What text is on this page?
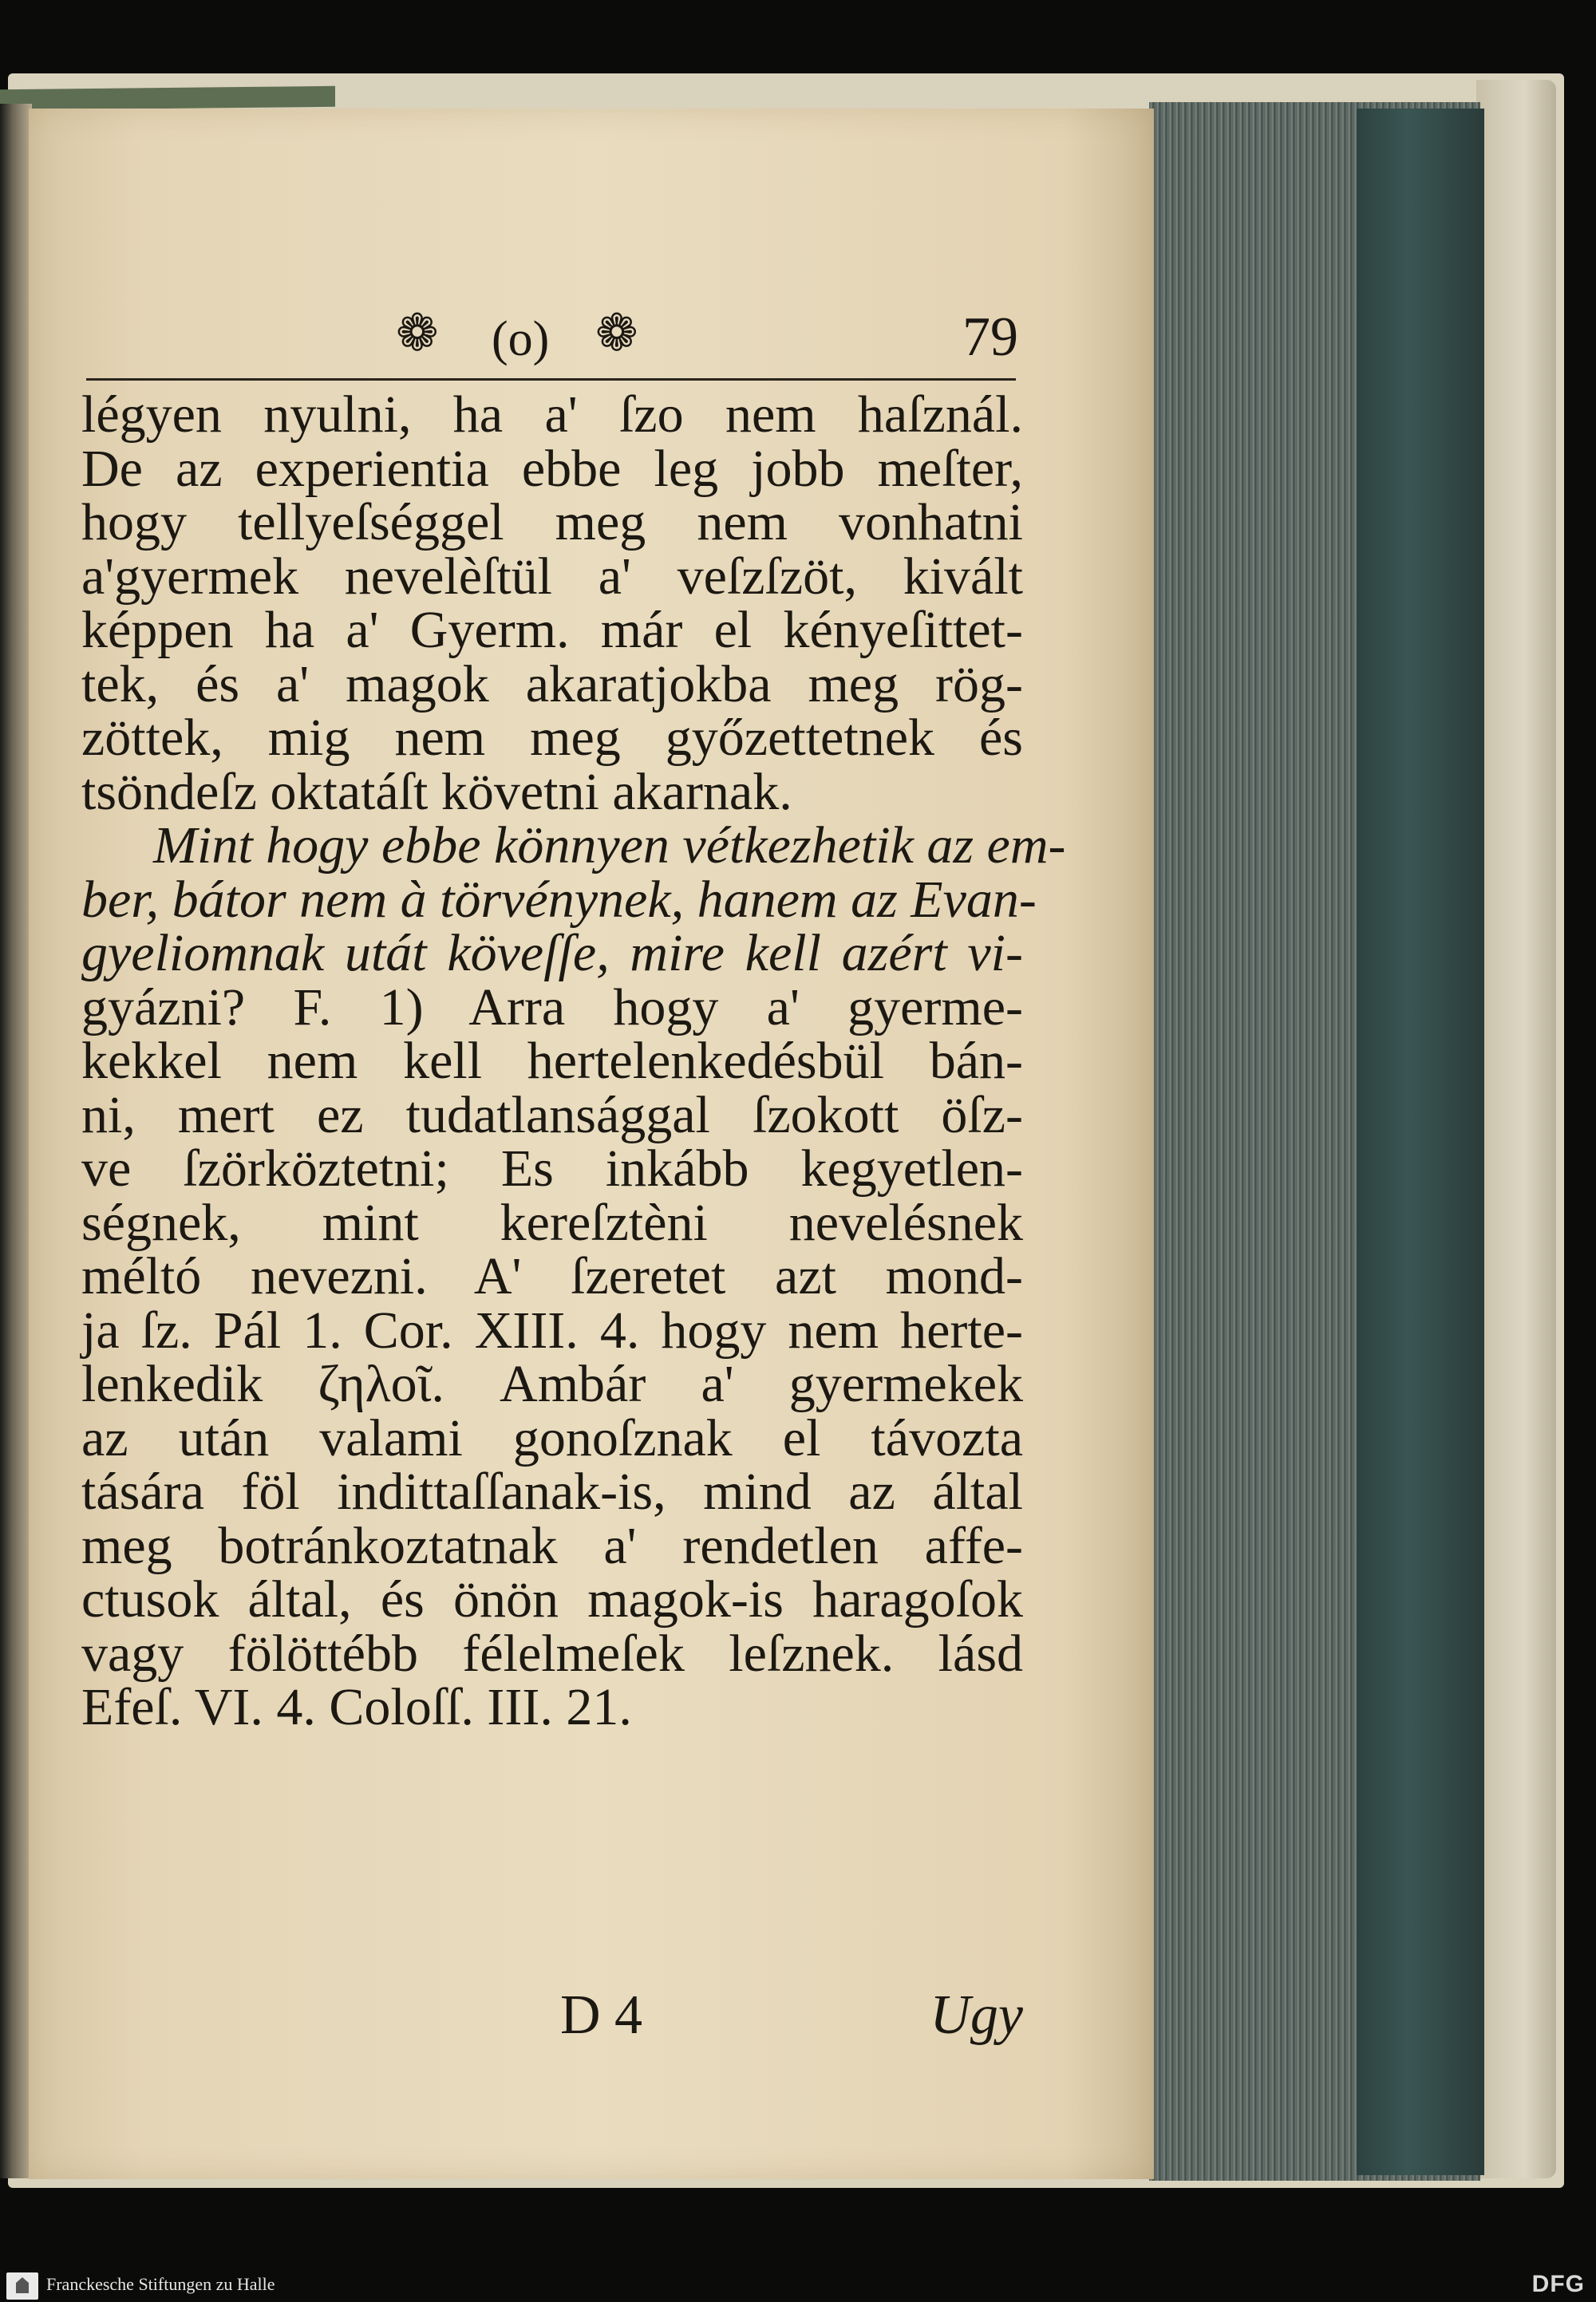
❁ (o) ❁	79
légyen nyulni, ha a' ſzo nem haſznál.
De az experientia ebbe leg jobb meſter,
hogy tellyeſséggel meg nem vonhatni
a'gyermek nevelèſtül a' veſzſzöt, kivált
képpen ha a' Gyerm. már el kényeſittet-
tek, és a' magok akaratjokba meg rög-
zöttek, mig nem meg győzettetnek és
tsöndeſz oktatáſt követni akarnak.
Mint hogy ebbe könnyen vétkezhetik az em-
ber, bátor nem à törvénynek, hanem az Evan-
gyeliomnak utát köveſſe, mire kell azért vi-
gyázni? F. 1) Arra hogy a' gyerme-
kekkel nem kell hertelenkedésbül bán-
ni, mert ez tudatlansággal ſzokott öſz-
ve ſzörköztetni; Es inkább kegyetlen-
ségnek, mint kereſztèni nevelésnek
méltó nevezni. A' ſzeretet azt mond-
ja ſz. Pál 1. Cor. XIII. 4. hogy nem herte-
lenkedik ζηλοῖ. Ambár a' gyermekek
az után valami gonoſznak el távozta
tására föl indittaſſanak-is, mind az által
meg botránkoztatnak a' rendetlen affe-
ctusok által, és önön magok-is haragoſok
vagy fölöttébb félelmeſek leſznek. lásd
Efeſ. VI. 4. Coloſſ. III. 21.
D 4	Ugy
Franckesche Stiftungen zu Halle	DFG
